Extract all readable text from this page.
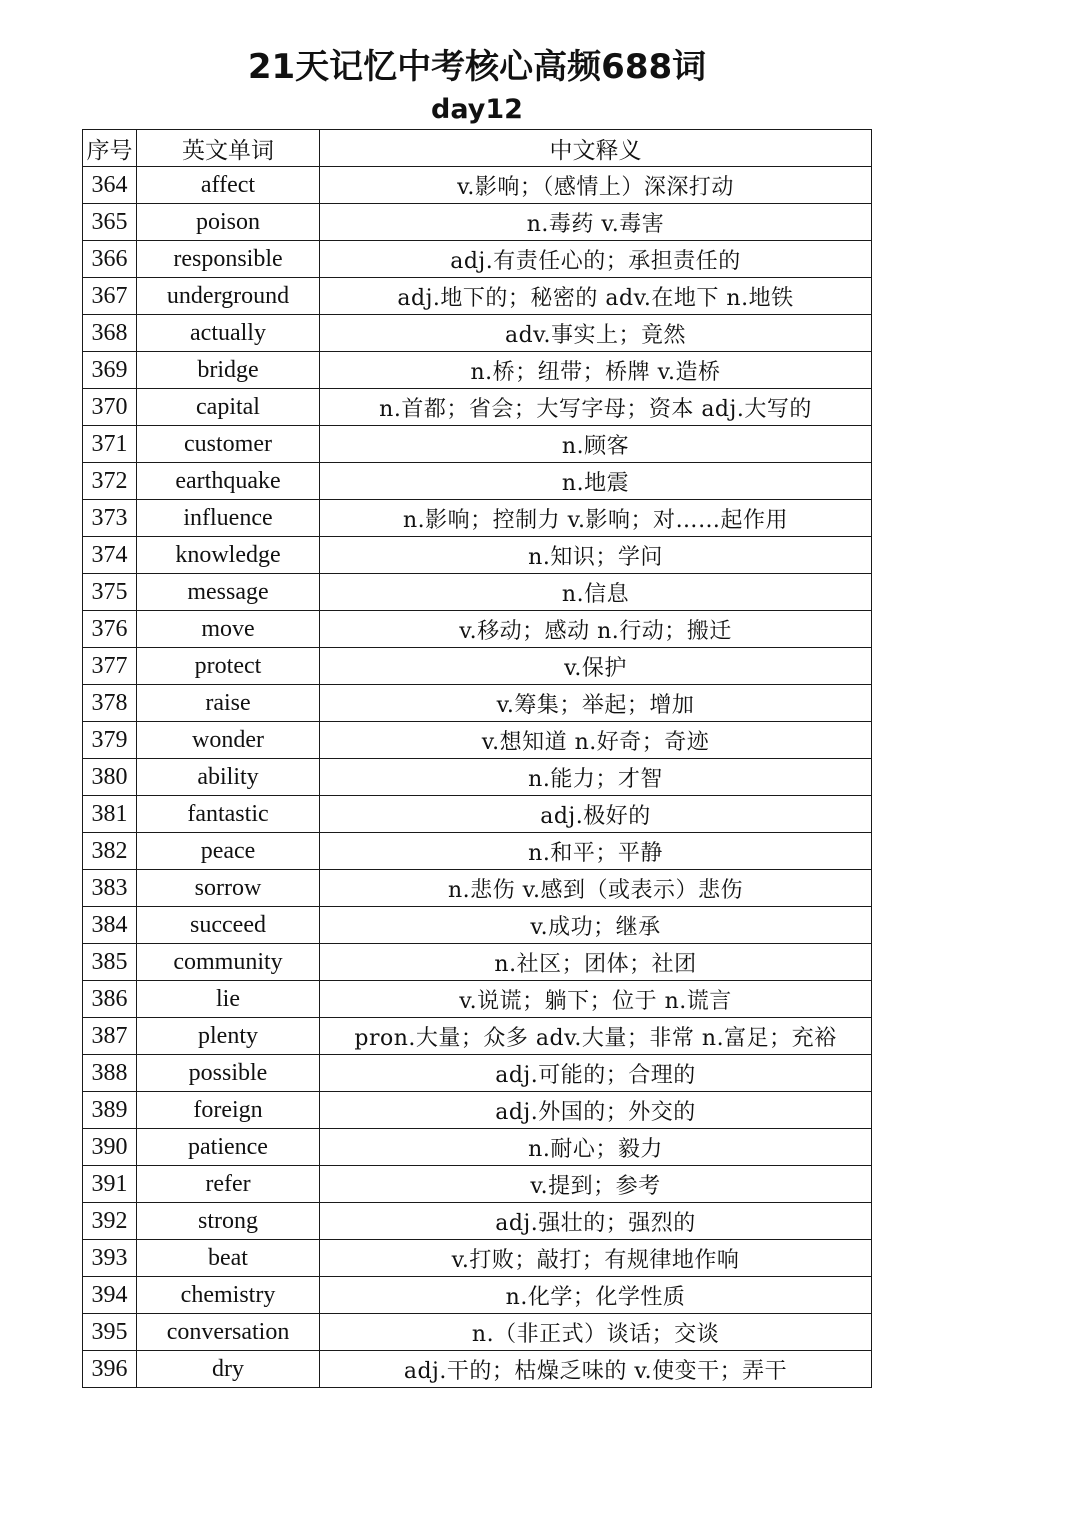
21天记忆中考核心高频688词
day12
序号	英文单词	中文释义
364	affect	v.影响；（感情上）深深打动
365	poison	n.毒药 v.毒害
366	responsible	adj.有责任心的；承担责任的
367	underground	adj.地下的；秘密的 adv.在地下 n.地铁
368	actually	adv.事实上；竟然
369	bridge	n.桥；纽带；桥牌 v.造桥
370	capital	n.首都；省会；大写字母；资本 adj.大写的
371	customer	n.顾客
372	earthquake	n.地震
373	influence	n.影响；控制力 v.影响；对……起作用
374	knowledge	n.知识；学问
375	message	n.信息
376	move	v.移动；感动 n.行动；搬迁
377	protect	v.保护
378	raise	v.筹集；举起；增加
379	wonder	v.想知道 n.好奇；奇迹
380	ability	n.能力；才智
381	fantastic	adj.极好的
382	peace	n.和平；平静
383	sorrow	n.悲伤 v.感到（或表示）悲伤
384	succeed	v.成功；继承
385	community	n.社区；团体；社团
386	lie	v.说谎；躺下；位于 n.谎言
387	plenty	pron.大量；众多 adv.大量；非常 n.富足；充裕
388	possible	adj.可能的；合理的
389	foreign	adj.外国的；外交的
390	patience	n.耐心；毅力
391	refer	v.提到；参考
392	strong	adj.强壮的；强烈的
393	beat	v.打败；敲打；有规律地作响
394	chemistry	n.化学；化学性质
395	conversation	n.（非正式）谈话；交谈
396	dry	adj.干的；枯燥乏味的 v.使变干；弄干
